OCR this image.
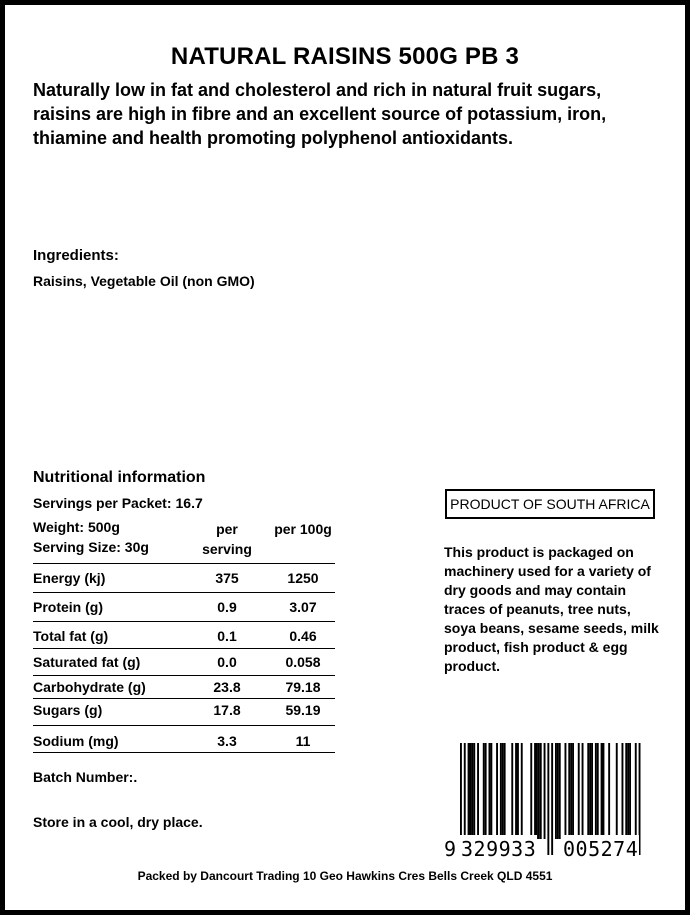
NATURAL RAISINS 500G PB 3
Naturally low in fat and cholesterol and rich in natural fruit sugars, raisins are high in fibre and an excellent source of potassium, iron, thiamine and health promoting polyphenol antioxidants.
Ingredients:
Raisins, Vegetable Oil (non GMO)
Nutritional information
Servings per Packet: 16.7
Weight: 500g
Serving Size: 30g
per serving
per 100g
Energy (kj)	375	1250
Protein (g)	0.9	3.07
Total fat (g)	0.1	0.46
Saturated fat (g)	0.0	0.058
Carbohydrate (g)	23.8	79.18
Sugars (g)	17.8	59.19
Sodium (mg)	3.3	11
Batch Number:.
Store in a cool, dry place.
PRODUCT OF SOUTH AFRICA
This product is packaged on machinery used for a variety of dry goods and may contain traces of peanuts, tree nuts, soya beans, sesame seeds, milk product, fish product & egg product.
9 329933 005274
Packed by Dancourt Trading 10 Geo Hawkins Cres Bells Creek QLD 4551
